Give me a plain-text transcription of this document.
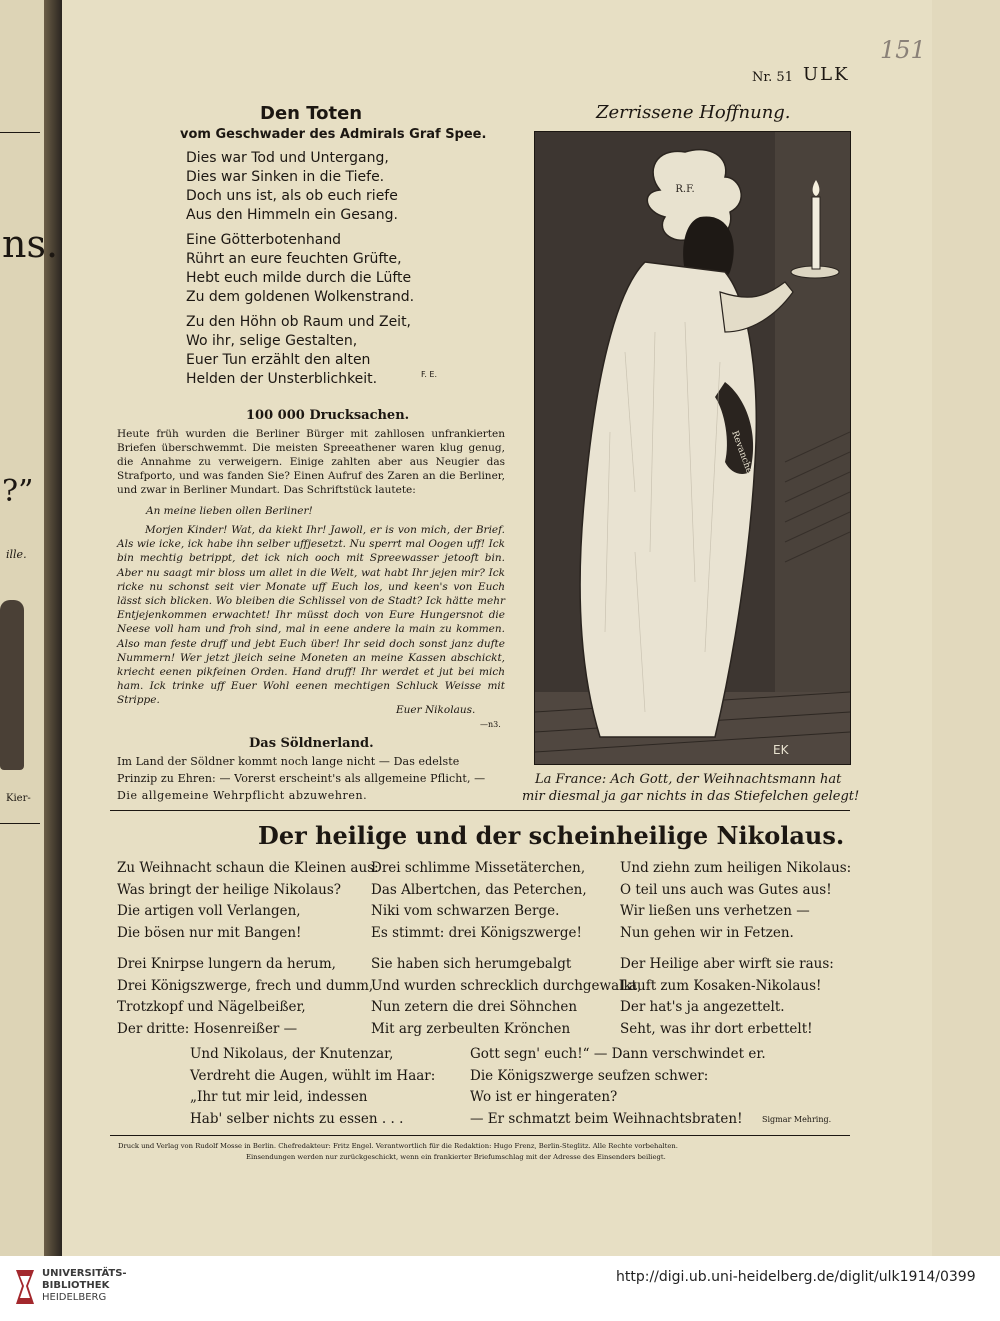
ns.
?”
ille.
Kier-
151
Nr. 51 ULK
Den Toten
vom Geschwader des Admirals Graf Spee.
Dies war Tod und Untergang,
Dies war Sinken in die Tiefe.
Doch uns ist, als ob euch riefe
Aus den Himmeln ein Gesang.
Eine Götterbotenhand
Rührt an eure feuchten Grüfte,
Hebt euch milde durch die Lüfte
Zu dem goldenen Wolkenstrand.
Zu den Höhn ob Raum und Zeit,
Wo ihr, selige Gestalten,
Euer Tun erzählt den alten
Helden der Unsterblichkeit.	F. E.
100 000 Drucksachen.
Heute früh wurden die Berliner Bürger mit zahllosen unfrankierten Briefen überschwemmt. Die meisten Spreeathener waren klug genug, die Annahme zu verweigern. Einige zahlten aber aus Neugier das Strafporto, und was fanden Sie? Einen Aufruf des Zaren an die Berliner, und zwar in Berliner Mundart. Das Schriftstück lautete:
An meine lieben ollen Berliner!
Morjen Kinder! Wat, da kiekt Ihr! Jawoll, er is von mich, der Brief. Als wie icke, ick habe ihn selber uffjesetzt. Nu sperrt mal Oogen uff! Ick bin mechtig betrippt, det ick nich ooch mit Spreewasser jetooft bin. Aber nu saagt mir bloss um allet in die Welt, wat habt Ihr jejen mir? Ick ricke nu schonst seit vier Monate uff Euch los, und keen's von Euch lässt sich blicken. Wo bleiben die Schlissel von de Stadt? Ick hätte mehr Entjejenkommen erwachtet! Ihr müsst doch von Eure Hungersnot die Neese voll ham und froh sind, mal in eene andere la main zu kommen. Also man feste druff und jebt Euch über! Ihr seid doch sonst janz dufte Nummern! Wer jetzt jleich seine Moneten an meine Kassen abschickt, kriecht eenen pikfeinen Orden. Hand druff! Ihr werdet et jut bei mich ham. Ick trinke uff Euer Wohl eenen mechtigen Schluck Weisse mit Strippe.
Euer Nikolaus.
—n3.
Das Söldnerland.
Im Land der Söldner kommt noch lange nicht — Das edelste
Prinzip zu Ehren: — Vorerst erscheint's als allgemeine Pflicht, —
Die allgemeine Wehrpflicht abzuwehren.
Zerrissene Hoffnung.
R.F.
Revanche
EK
La France: Ach Gott, der Weihnachtsmann hat
mir diesmal ja gar nichts in das Stiefelchen gelegt!
Der heilige und der scheinheilige Nikolaus.
Zu Weihnacht schaun die Kleinen aus:
Was bringt der heilige Nikolaus?
Die artigen voll Verlangen,
Die bösen nur mit Bangen!
Drei schlimme Missetäterchen,
Das Albertchen, das Peterchen,
Niki vom schwarzen Berge.
Es stimmt: drei Königszwerge!
Und ziehn zum heiligen Nikolaus:
O teil uns auch was Gutes aus!
Wir ließen uns verhetzen —
Nun gehen wir in Fetzen.
Drei Knirpse lungern da herum,
Drei Königszwerge, frech und dumm,
Trotzkopf und Nägelbeißer,
Der dritte: Hosenreißer —
Sie haben sich herumgebalgt
Und wurden schrecklich durchgewalkt,
Nun zetern die drei Söhnchen
Mit arg zerbeulten Krönchen
Der Heilige aber wirft sie raus:
Lauft zum Kosaken-Nikolaus!
Der hat's ja angezettelt.
Seht, was ihr dort erbettelt!
Und Nikolaus, der Knutenzar,
Verdreht die Augen, wühlt im Haar:
„Ihr tut mir leid, indessen
Hab' selber nichts zu essen . . .
Gott segn' euch!“ — Dann verschwindet er.
Die Königszwerge seufzen schwer:
Wo ist er hingeraten?
— Er schmatzt beim Weihnachtsbraten!	Sigmar Mehring.
Druck und Verlag von Rudolf Mosse in Berlin. Chefredakteur: Fritz Engel. Verantwortlich für die Redaktion: Hugo Frenz, Berlin-Steglitz. Alle Rechte vorbehalten.
Einsendungen werden nur zurückgeschickt, wenn ein frankierter Briefumschlag mit der Adresse des Einsenders beiliegt.
UNIVERSITÄTS-
BIBLIOTHEK
HEIDELBERG
http://digi.ub.uni-heidelberg.de/diglit/ulk1914/0399
